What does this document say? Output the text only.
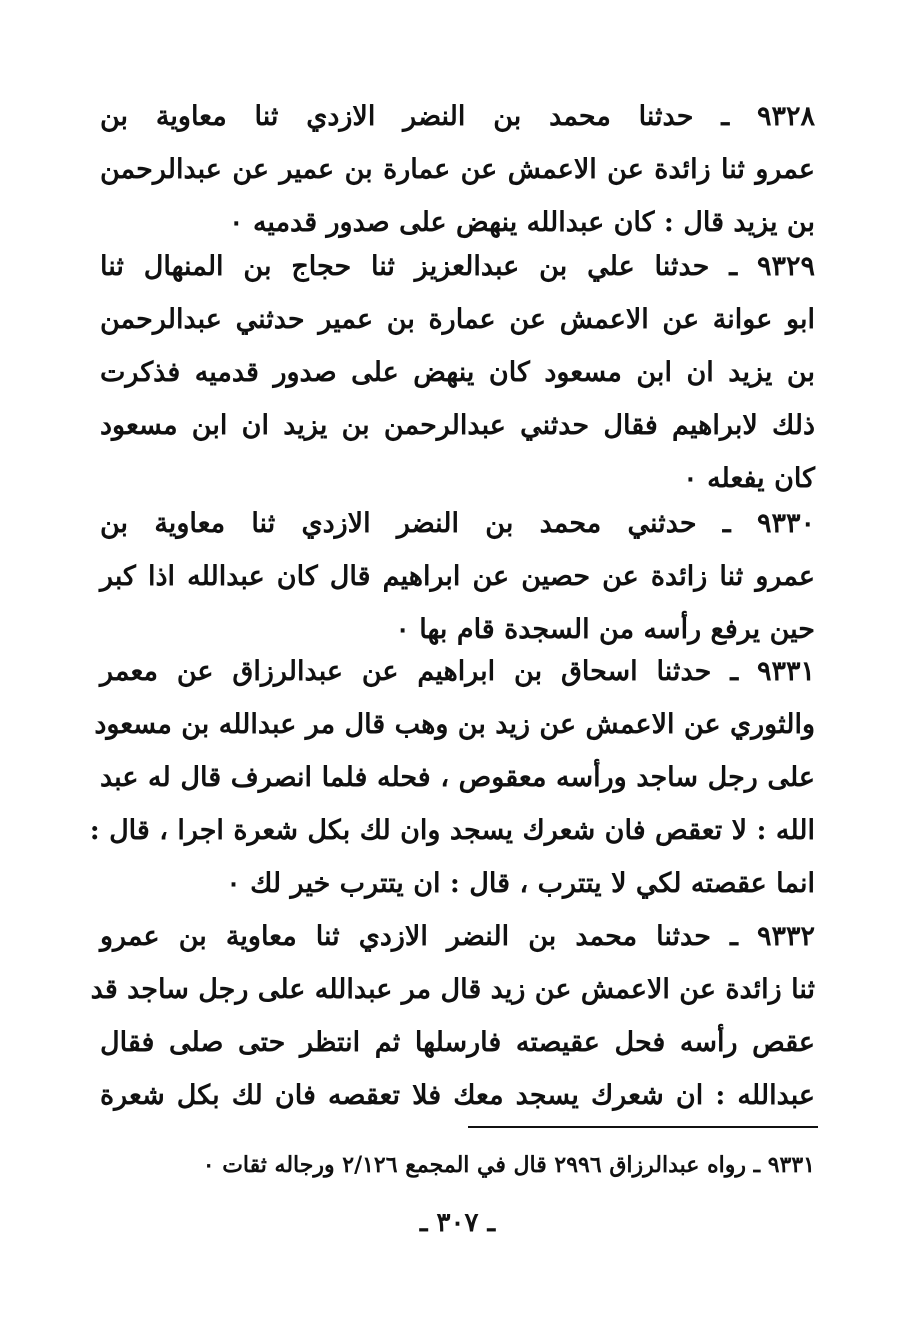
٩٣٢٨ ـ حدثنا محمد بن النضر الازدي ثنا معاوية بن
عمرو ثنا زائدة عن الاعمش عن عمارة بن عمير عن عبدالرحمن
بن يزيد قال : كان عبدالله ينهض على صدور قدميه ٠
٩٣٢٩ ـ حدثنا علي بن عبدالعزيز ثنا حجاج بن المنهال ثنا
ابو عوانة عن الاعمش عن عمارة بن عمير حدثني عبدالرحمن
بن يزيد ان ابن مسعود كان ينهض على صدور قدميه فذكرت
ذلك لابراهيم فقال حدثني عبدالرحمن بن يزيد ان ابن مسعود
كان يفعله ٠
٩٣٣٠ ـ حدثني محمد بن النضر الازدي ثنا معاوية بن
عمرو ثنا زائدة عن حصين عن ابراهيم قال كان عبدالله اذا كبر
حين يرفع رأسه من السجدة قام بها ٠
٩٣٣١ ـ حدثنا اسحاق بن ابراهيم عن عبدالرزاق عن معمر
والثوري عن الاعمش عن زيد بن وهب قال مر عبدالله بن مسعود
على رجل ساجد ورأسه معقوص ، فحله فلما انصرف قال له عبد
الله : لا تعقص فان شعرك يسجد وان لك بكل شعرة اجرا ، قال :
انما عقصته لكي لا يتترب ، قال : ان يتترب خير لك ٠
٩٣٣٢ ـ حدثنا محمد بن النضر الازدي ثنا معاوية بن عمرو
ثنا زائدة عن الاعمش عن زيد قال مر عبدالله على رجل ساجد قد
عقص رأسه فحل عقيصته فارسلها ثم انتظر حتى صلى فقال
عبدالله : ان شعرك يسجد معك فلا تعقصه فان لك بكل شعرة
٩٣٣١ ـ رواه عبدالرزاق ٢٩٩٦ قال في المجمع ٢/١٢٦ ورجاله ثقات ٠
ـ ٣٠٧ ـ
